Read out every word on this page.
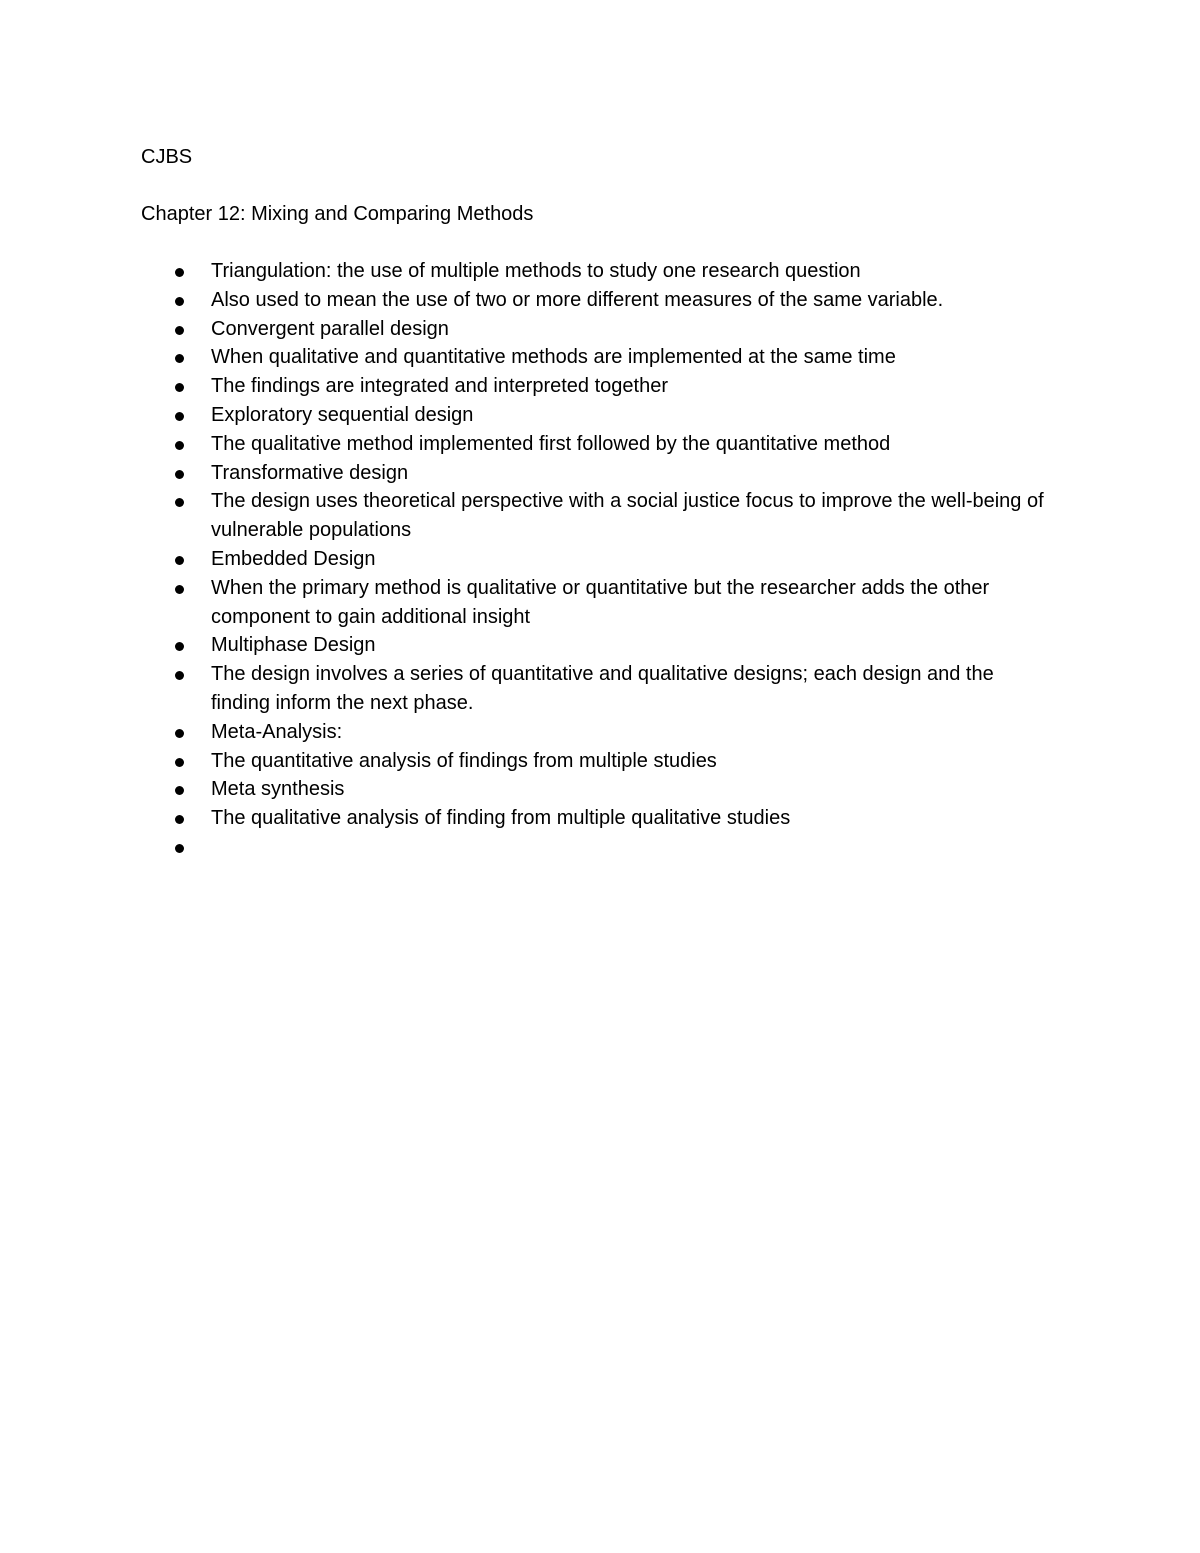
CJBS
Chapter 12: Mixing and Comparing Methods
Triangulation: the use of multiple methods to study one research question
Also used to mean the use of two or more different measures of the same variable.
Convergent parallel design
When qualitative and quantitative methods are implemented at the same time
The findings are integrated and interpreted together
Exploratory sequential design
The qualitative method implemented first followed by the quantitative method
Transformative design
The design uses theoretical perspective with a social justice focus to improve the well-being of vulnerable populations
Embedded Design
When the primary method is qualitative or quantitative but the researcher adds the other component to gain additional insight
Multiphase Design
The design involves a series of quantitative and qualitative designs; each design and the finding inform the next phase.
Meta-Analysis:
The quantitative analysis of findings from multiple studies
Meta synthesis
The qualitative analysis of finding from multiple qualitative studies
